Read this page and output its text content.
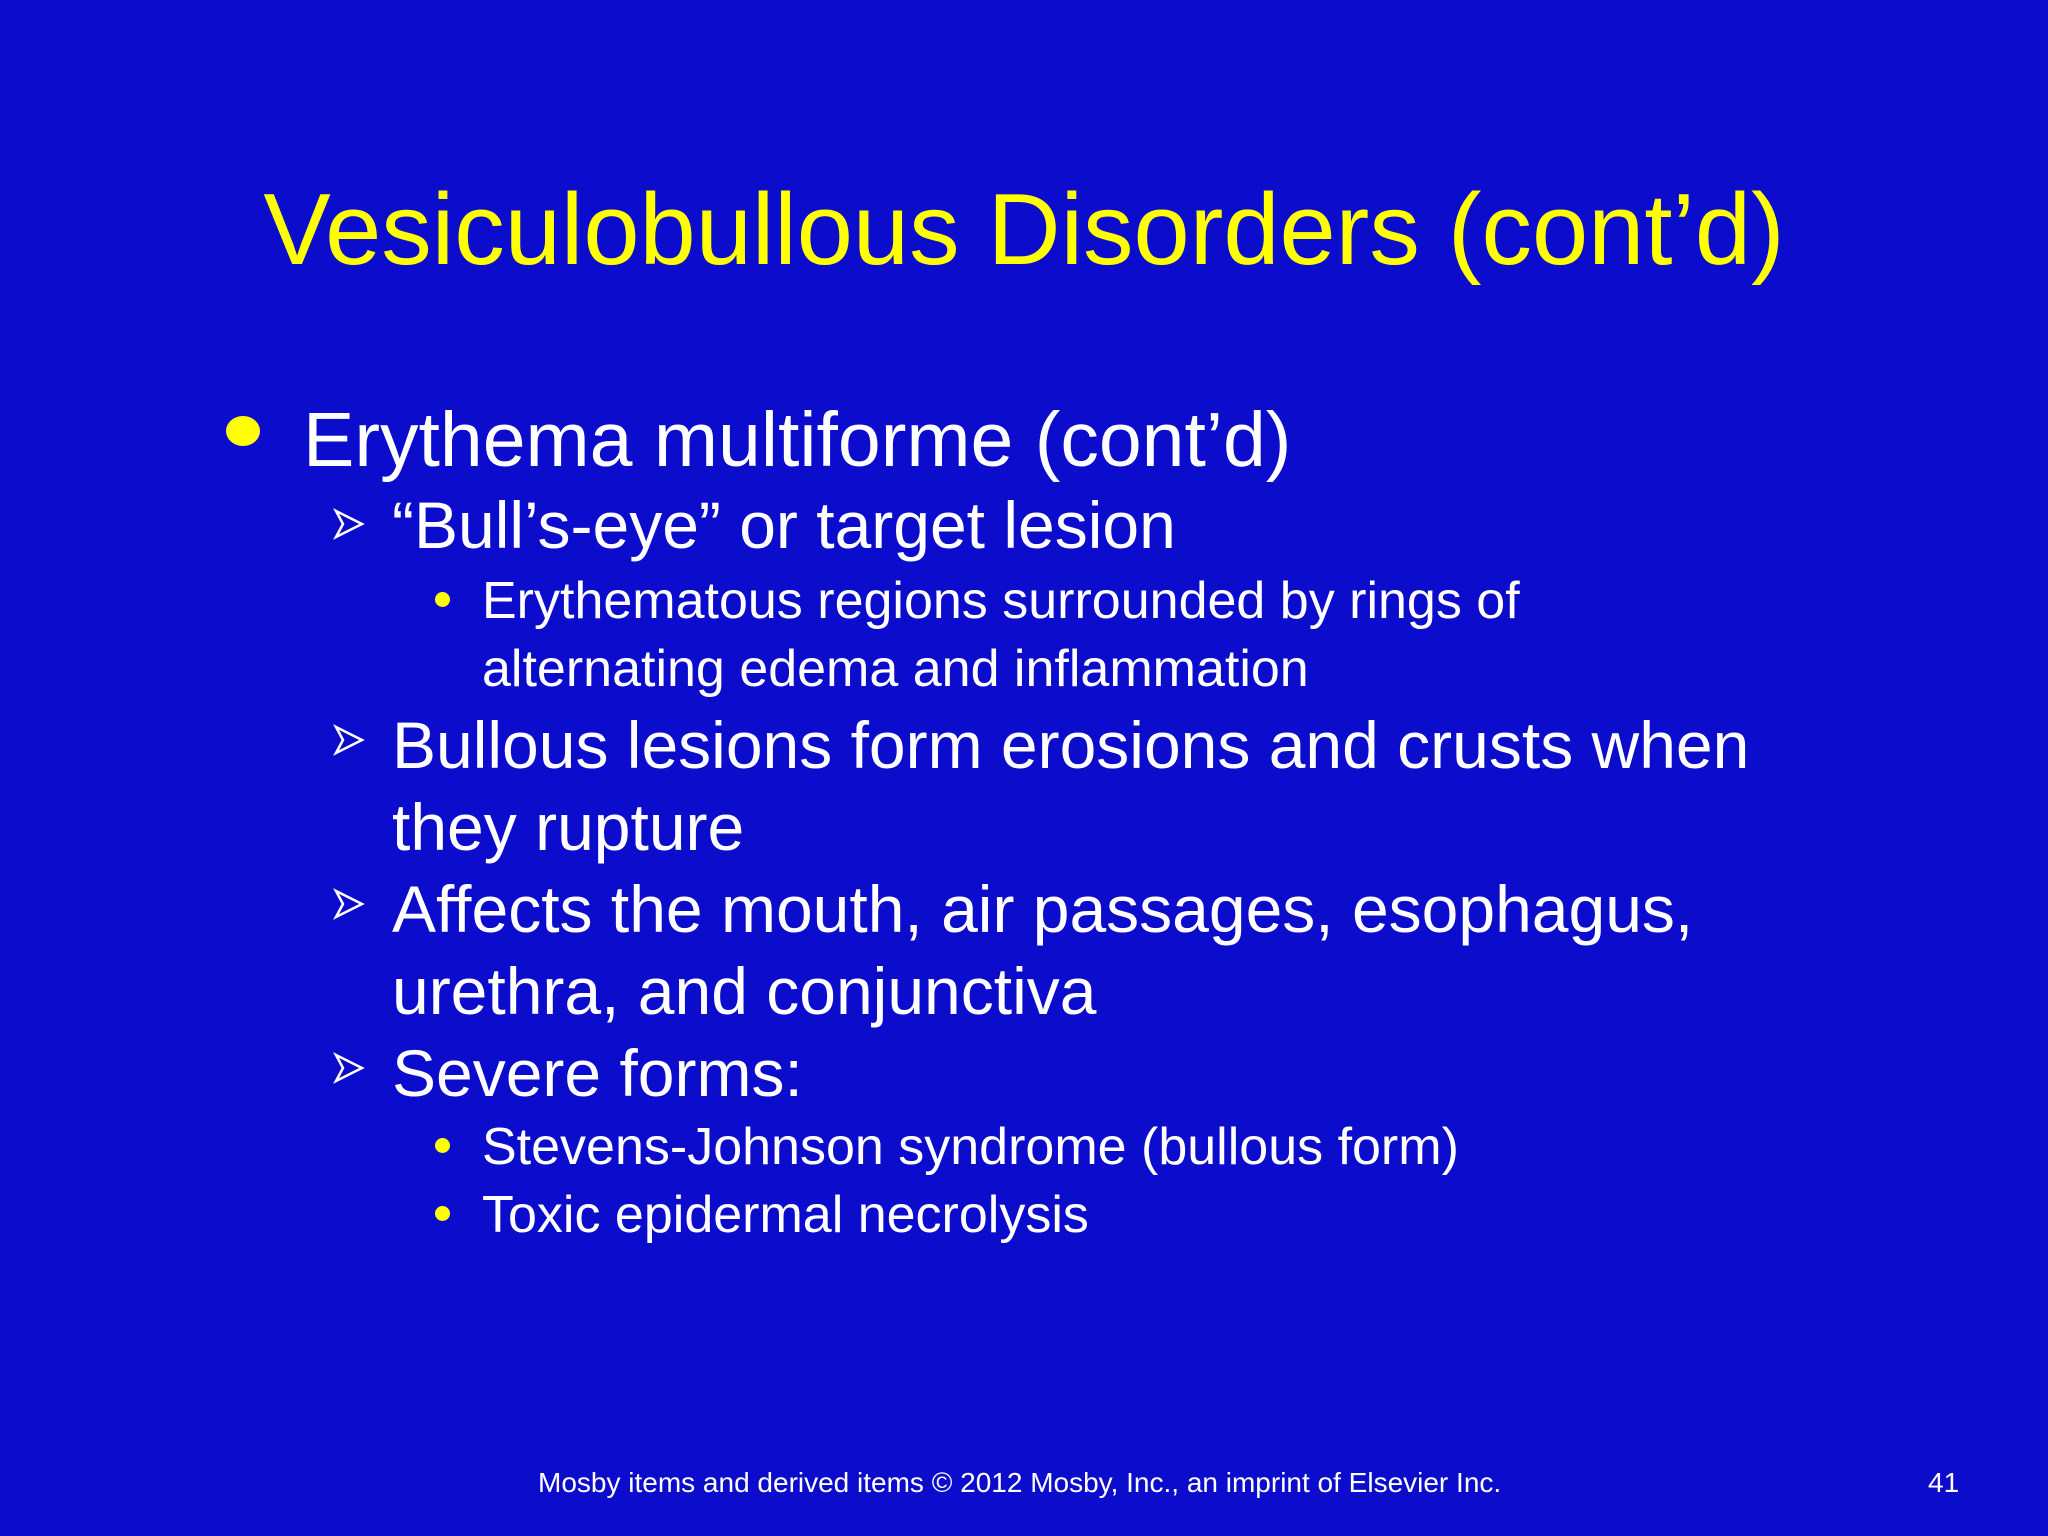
Vesiculobullous Disorders (cont’d)
Erythema multiforme (cont’d)
“Bull’s-eye” or target lesion
Erythematous regions surrounded by rings of
alternating edema and inflammation
Bullous lesions form erosions and crusts when
they rupture
Affects the mouth, air passages, esophagus,
urethra, and conjunctiva
Severe forms:
Stevens-Johnson syndrome (bullous form)
Toxic epidermal necrolysis
Mosby items and derived items © 2012 Mosby, Inc., an imprint of Elsevier Inc.	41
